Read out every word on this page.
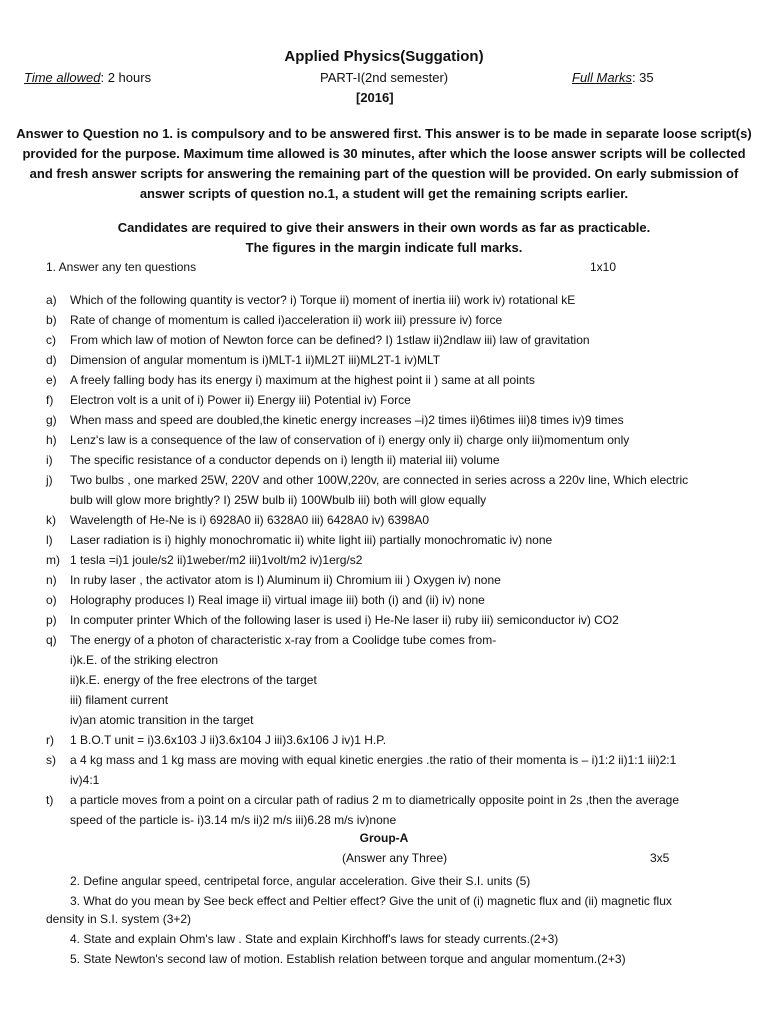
Applied Physics(Suggation)
Time allowed: 2 hours	PART-I(2nd semester)
[2016]
Full Marks: 35
Answer to Question no 1. is compulsory and to be answered first. This answer is to be made in separate loose script(s) provided for the purpose. Maximum time allowed is 30 minutes, after which the loose answer scripts will be collected and fresh answer scripts for answering the remaining part of the question will be provided. On early submission of answer scripts of question no.1, a student will get the remaining scripts earlier.
Candidates are required to give their answers in their own words as far as practicable.
The figures in the margin indicate full marks.
1. Answer any ten questions	1x10
a) Which of the following quantity is vector? i) Torque ii) moment of inertia iii) work iv) rotational kE
b) Rate of change of momentum is called i)acceleration ii) work iii) pressure iv) force
c) From which law of motion of Newton force can be defined? I) 1stlaw ii)2ndlaw iii) law of gravitation
d) Dimension of angular momentum is i)MLT-1 ii)ML2T iii)ML2T-1 iv)MLT
e) A freely falling body has its energy i) maximum at the highest point ii ) same at all points
f) Electron volt is a unit of i) Power ii) Energy iii) Potential iv) Force
g) When mass and speed are doubled,the kinetic energy increases –i)2 times ii)6times iii)8 times iv)9 times
h) Lenz's law is a consequence of the law of conservation of i) energy only ii) charge only iii)momentum only
i) The specific resistance of a conductor depends on i) length ii) material iii) volume
j) Two bulbs , one marked 25W, 220V and other 100W,220v, are connected in series across a 220v line, Which electric
bulb will glow more brightly? I) 25W bulb ii) 100Wbulb iii) both will glow equally
k) Wavelength of He-Ne is i) 6928A0 ii) 6328A0 iii) 6428A0 iv) 6398A0
l) Laser radiation is i) highly monochromatic ii) white light iii) partially monochromatic iv) none
m) 1 tesla =i)1 joule/s2 ii)1weber/m2 iii)1volt/m2 iv)1erg/s2
n) In ruby laser , the activator atom is I) Aluminum ii) Chromium iii ) Oxygen iv) none
o) Holography produces I) Real image ii) virtual image iii) both (i) and (ii) iv) none
p) In computer printer Which of the following laser is used i) He-Ne laser ii) ruby iii) semiconductor iv) CO2
q) The energy of a photon of characteristic x-ray from a Coolidge tube comes from-
i)k.E. of the striking electron
ii)k.E. energy of the free electrons of the target
iii) filament current
iv)an atomic transition in the target
r) 1 B.O.T unit = i)3.6x103 J ii)3.6x104 J iii)3.6x106 J iv)1 H.P.
s) a 4 kg mass and 1 kg mass are moving with equal kinetic energies .the ratio of their momenta is – i)1:2 ii)1:1 iii)2:1
iv)4:1
t) a particle moves from a point on a circular path of radius 2 m to diametrically opposite point in 2s ,then the average
speed of the particle is- i)3.14 m/s ii)2 m/s iii)6.28 m/s iv)none
Group-A
(Answer any Three)	3x5
2. Define angular speed, centripetal force, angular acceleration. Give their S.I. units (5)
3. What do you mean by See beck effect and Peltier effect? Give the unit of (i) magnetic flux and (ii) magnetic flux
density in S.I. system (3+2)
4. State and explain Ohm's law . State and explain Kirchhoff's laws for steady currents.(2+3)
5. State Newton's second law of motion. Establish relation between torque and angular momentum.(2+3)
